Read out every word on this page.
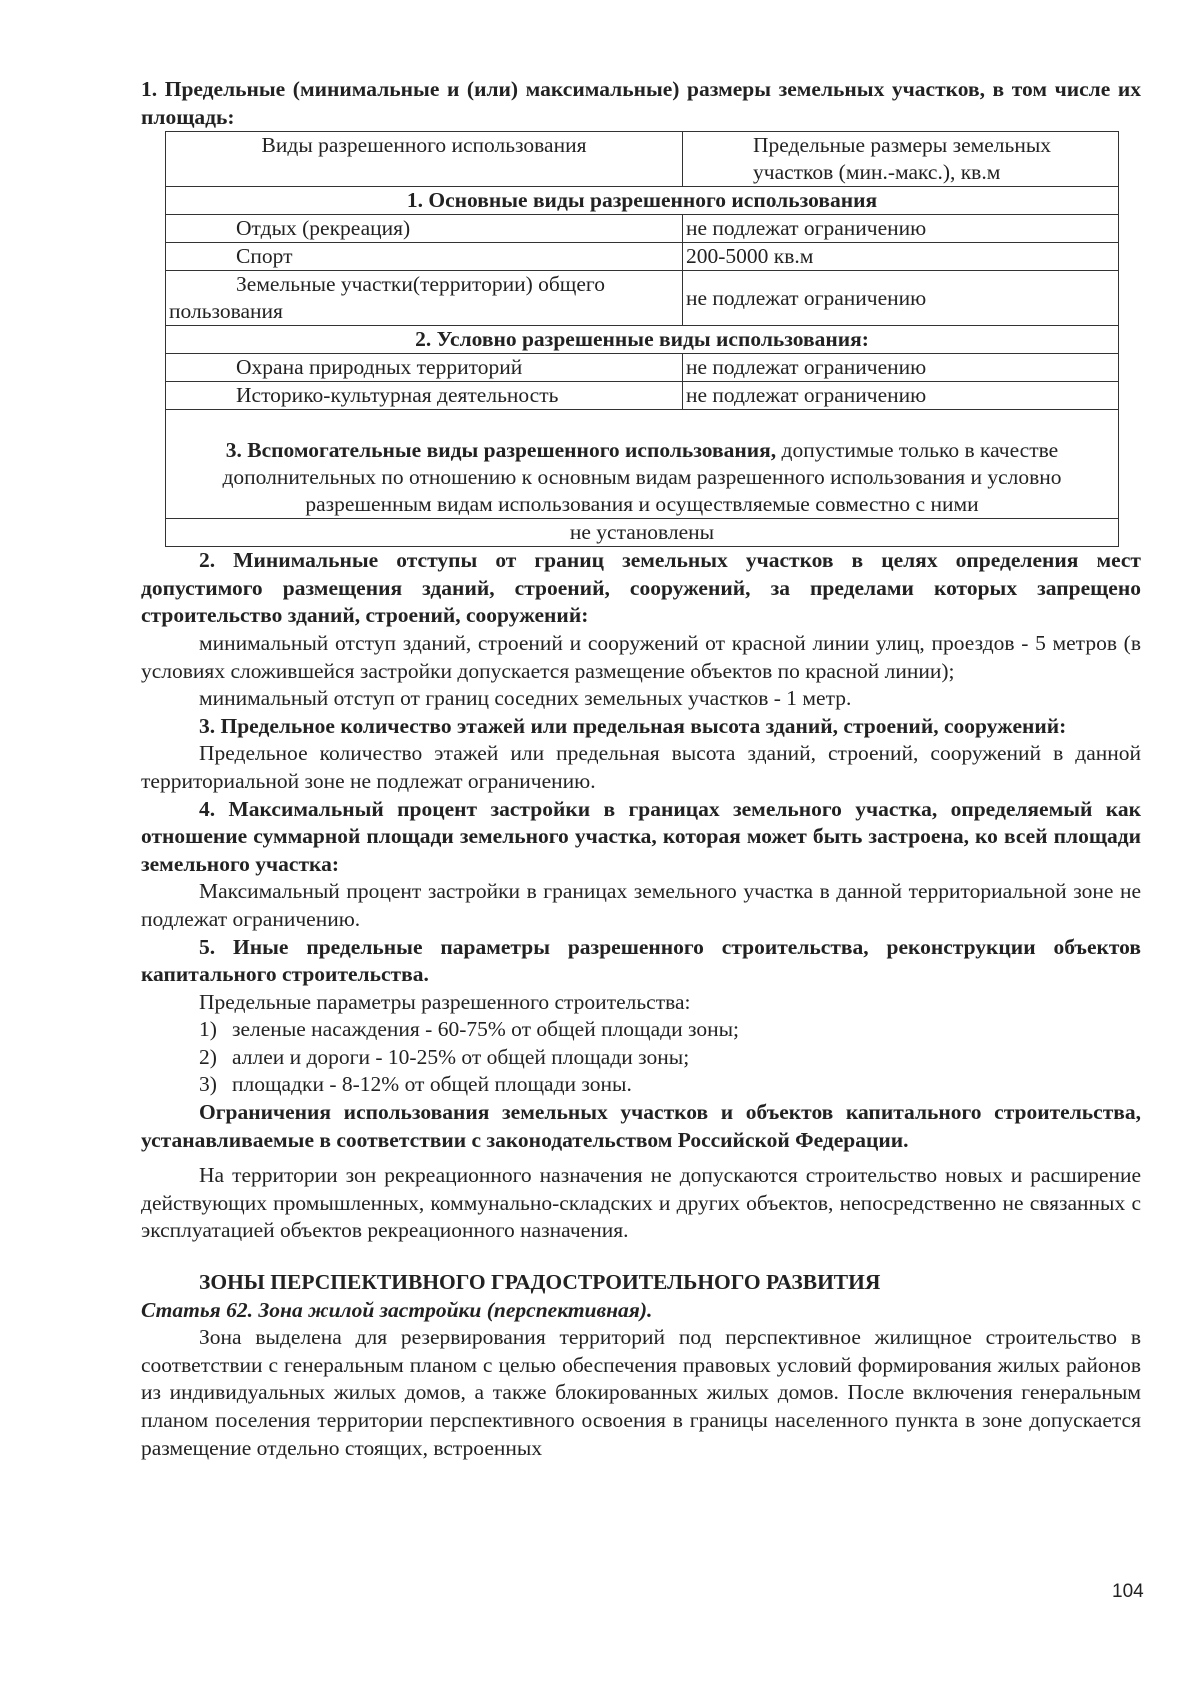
1. Предельные (минимальные и (или) максимальные) размеры земельных участков, в том числе их площадь:

Виды разрешенного использования	Предельные размеры земельных участков (мин.-макс.), кв.м
1. Основные виды разрешенного использования	
Отдых (рекреация)	не подлежат ограничению
Спорт	200-5000 кв.м
Земельные участки(территории) общего пользования	не подлежат ограничению
2. Условно разрешенные виды использования:	
Охрана природных территорий	не подлежат ограничению
Историко-культурная деятельность	не подлежат ограничению
3. Вспомогательные виды разрешенного использования, допустимые только в качестве дополнительных по отношению к основным видам разрешенного использования и условно разрешенным видам использования и осуществляемые совместно с ними	
не установлены	

2. Минимальные отступы от границ земельных участков в целях определения мест допустимого размещения зданий, строений, сооружений, за пределами которых запрещено строительство зданий, строений, сооружений:

минимальный отступ зданий, строений и сооружений от красной линии улиц, проездов - 5 метров (в условиях сложившейся застройки допускается размещение объектов по красной линии);

минимальный отступ от границ соседних земельных участков - 1 метр.

3. Предельное количество этажей или предельная высота зданий, строений, сооружений:

Предельное количество этажей или предельная высота зданий, строений, сооружений в данной территориальной зоне не подлежат ограничению.

4. Максимальный процент застройки в границах земельного участка, определяемый как отношение суммарной площади земельного участка, которая может быть застроена, ко всей площади земельного участка:

Максимальный процент застройки в границах земельного участка в данной территориальной зоне не подлежат ограничению.

5. Иные предельные параметры разрешенного строительства, реконструкции объектов капитального строительства.

Предельные параметры разрешенного строительства:

1) зеленые насаждения - 60-75% от общей площади зоны;

2) аллеи и дороги - 10-25% от общей площади зоны;

3) площадки - 8-12% от общей площади зоны.

Ограничения использования земельных участков и объектов капитального строительства, устанавливаемые в соответствии с законодательством Российской Федерации.

На территории зон рекреационного назначения не допускаются строительство новых и расширение действующих промышленных, коммунально-складских и других объектов, непосредственно не связанных с эксплуатацией объектов рекреационного назначения.

ЗОНЫ ПЕРСПЕКТИВНОГО ГРАДОСТРОИТЕЛЬНОГО РАЗВИТИЯ

Статья 62. Зона жилой застройки (перспективная).

Зона выделена для резервирования территорий под перспективное жилищное строительство в соответствии с генеральным планом с целью обеспечения правовых условий формирования жилых районов из индивидуальных жилых домов, а также блокированных жилых домов. После включения генеральным планом поселения территории перспективного освоения в границы населенного пункта в зоне допускается размещение отдельно стоящих, встроенных

104
